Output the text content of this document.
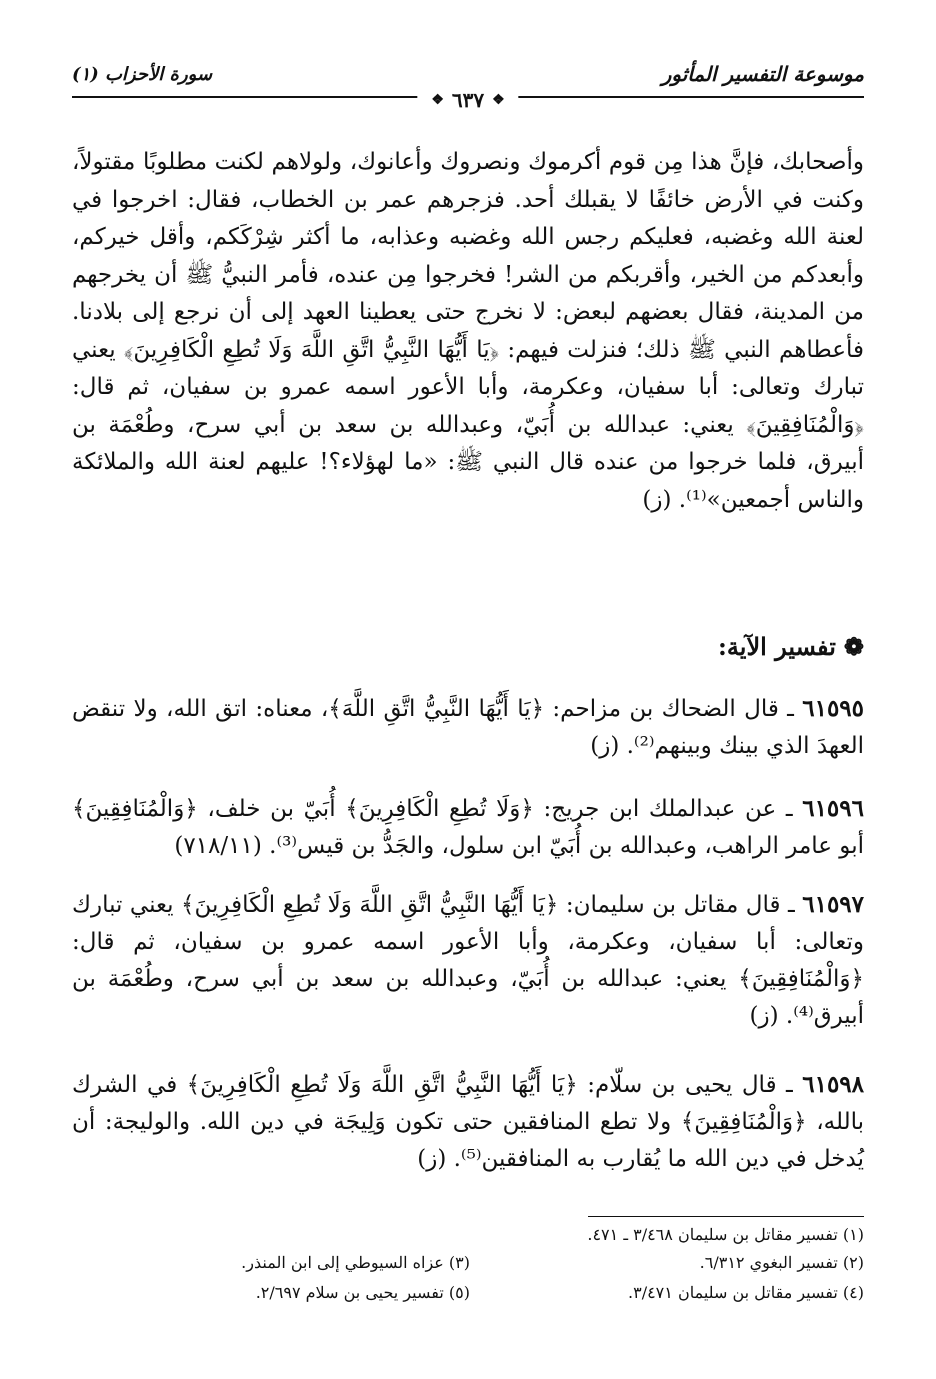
موسوعة التفسير المأثور
سورة الأحزاب (١)
❖
٦٣٧
❖
وأصحابك، فإنَّ هذا مِن قوم أكرموك ونصروك وأعانوك، ولولاهم لكنت مطلوبًا مقتولاً، وكنت في الأرض خائفًا لا يقبلك أحد. فزجرهم عمر بن الخطاب، فقال: اخرجوا في لعنة الله وغضبه، فعليكم رجس الله وغضبه وعذابه، ما أكثر شِرْكَكم، وأقل خيركم، وأبعدكم من الخير، وأقربكم من الشر! فخرجوا مِن عنده، فأمر النبيُّ ﷺ أن يخرجهم من المدينة، فقال بعضهم لبعض: لا نخرج حتى يعطينا العهد إلى أن نرجع إلى بلادنا. فأعطاهم النبي ﷺ ذلك؛ فنزلت فيهم: ﴿يَا أَيُّهَا النَّبِيُّ اتَّقِ اللَّهَ وَلَا تُطِعِ الْكَافِرِينَ﴾ يعني تبارك وتعالى: أبا سفيان، وعكرمة، وأبا الأعور اسمه عمرو بن سفيان، ثم قال: ﴿وَالْمُنَافِقِينَ﴾ يعني: عبدالله بن أُبَيّ، وعبدالله بن سعد بن أبي سرح، وطُعْمَة بن أبيرق، فلما خرجوا من عنده قال النبي ﷺ: «ما لهؤلاء؟! عليهم لعنة الله والملائكة والناس أجمعين»⁽¹⁾. (ز)
❁
تفسير الآية:
٦١٥٩٥ ـ قال الضحاك بن مزاحم: ﴿يَا أَيُّهَا النَّبِيُّ اتَّقِ اللَّهَ﴾، معناه: اتق الله، ولا تنقض العهدَ الذي بينك وبينهم⁽²⁾. (ز)
٦١٥٩٦ ـ عن عبدالملك ابن جريج: ﴿وَلَا تُطِعِ الْكَافِرِينَ﴾ أُبَيّ بن خلف، ﴿وَالْمُنَافِقِينَ﴾ أبو عامر الراهب، وعبدالله بن أُبَيّ ابن سلول، والجَدُّ بن قيس⁽³⁾. (٧١٨/١١)
٦١٥٩٧ ـ قال مقاتل بن سليمان: ﴿يَا أَيُّهَا النَّبِيُّ اتَّقِ اللَّهَ وَلَا تُطِعِ الْكَافِرِينَ﴾ يعني تبارك وتعالى: أبا سفيان، وعكرمة، وأبا الأعور اسمه عمرو بن سفيان، ثم قال: ﴿وَالْمُنَافِقِينَ﴾ يعني: عبدالله بن أُبَيّ، وعبدالله بن سعد بن أبي سرح، وطُعْمَة بن أبيرق⁽⁴⁾. (ز)
٦١٥٩٨ ـ قال يحيى بن سلّام: ﴿يَا أَيُّهَا النَّبِيُّ اتَّقِ اللَّهَ وَلَا تُطِعِ الْكَافِرِينَ﴾ في الشرك بالله، ﴿وَالْمُنَافِقِينَ﴾ ولا تطع المنافقين حتى تكون وَلِيجَة في دين الله. والوليجة: أن يُدخل في دين الله ما يُقارب به المنافقين⁽⁵⁾. (ز)
(١) تفسير مقاتل بن سليمان ٣/٤٦٨ ـ ٤٧١.
(٢) تفسير البغوي ٦/٣١٢.
(٣) عزاه السيوطي إلى ابن المنذر.
(٤) تفسير مقاتل بن سليمان ٣/٤٧١.
(٥) تفسير يحيى بن سلام ٢/٦٩٧.
